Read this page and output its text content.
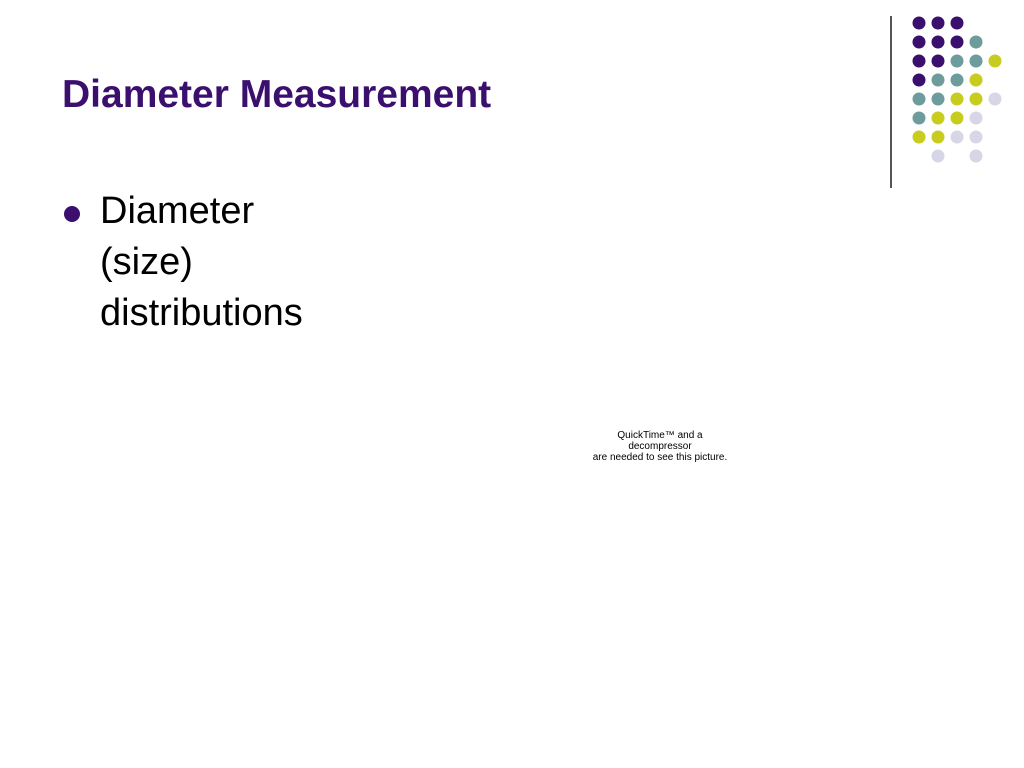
Diameter Measurement
Diameter
(size)
distributions
QuickTime™ and a
decompressor
are needed to see this picture.
